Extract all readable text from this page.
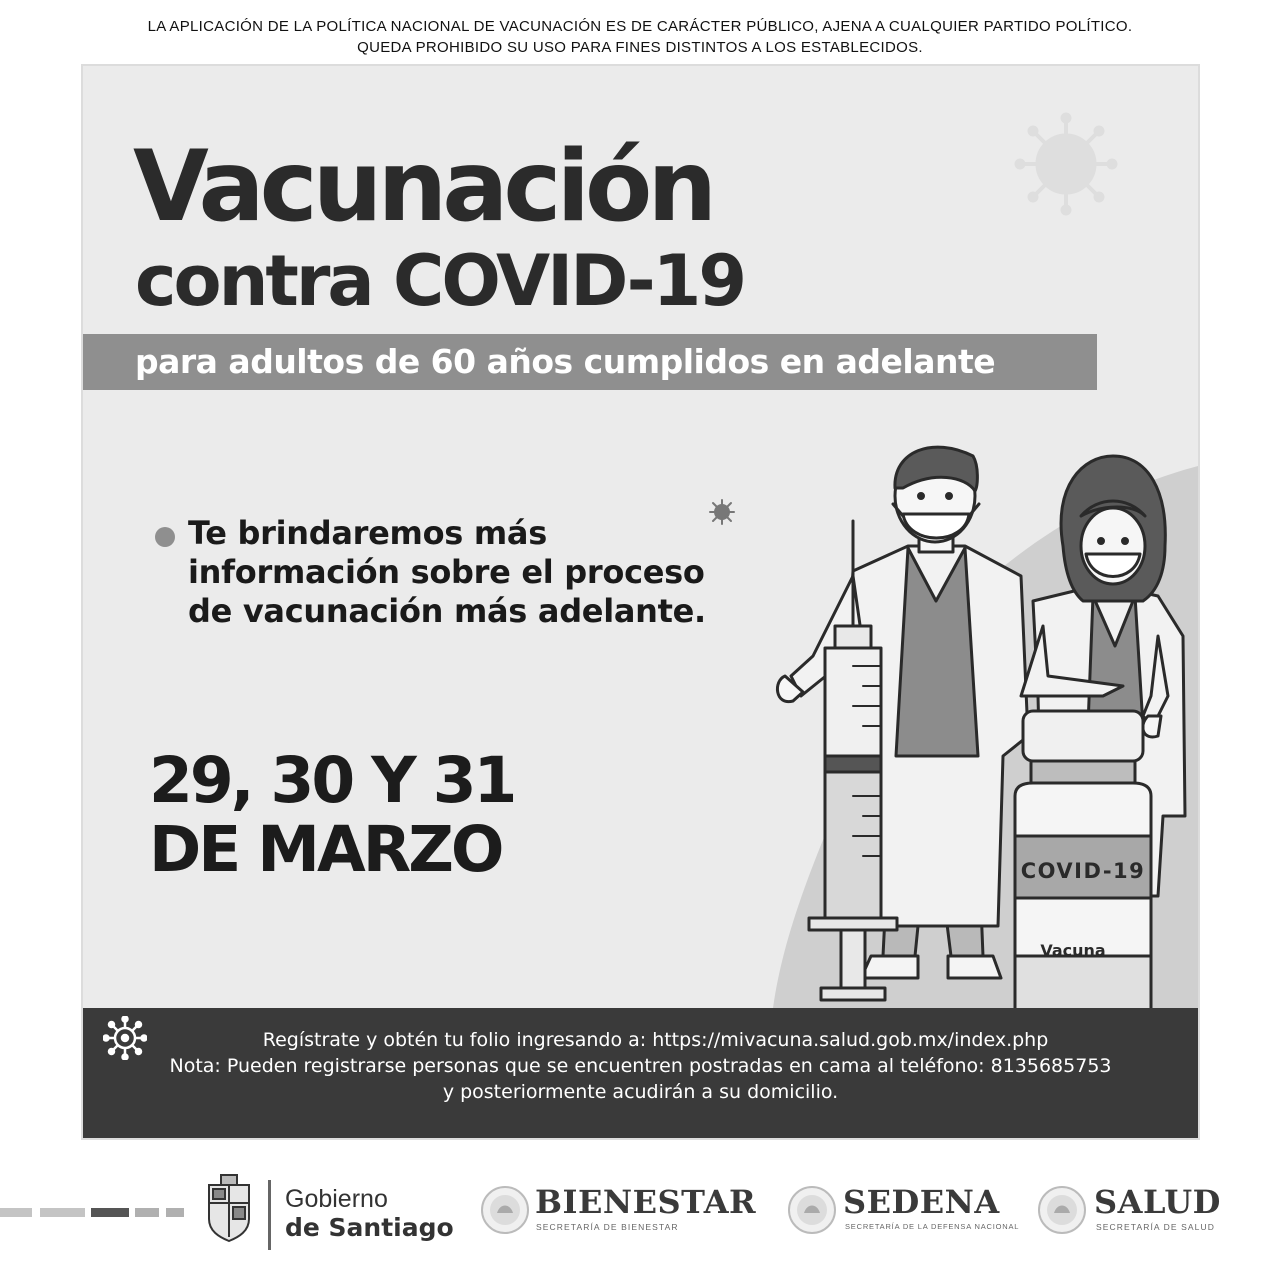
LA APLICACIÓN DE LA POLÍTICA NACIONAL DE VACUNACIÓN ES DE CARÁCTER PÚBLICO, AJENA A CUALQUIER PARTIDO POLÍTICO.
QUEDA PROHIBIDO SU USO PARA FINES DISTINTOS A LOS ESTABLECIDOS.
Vacunación
contra COVID-19
para adultos de 60 años cumplidos en adelante
Te brindaremos más información sobre el proceso de vacunación más adelante.
29, 30 Y 31
DE MARZO	COVID-19
Vacuna
Regístrate y obtén tu folio ingresando a: https://mivacuna.salud.gob.mx/index.php
Nota: Pueden registrarse personas que se encuentren postradas en cama al teléfono: 8135685753
y posteriormente acudirán a su domicilio.
Gobierno
de Santiago
BIENESTAR
SECRETARÍA DE BIENESTAR
SEDENA
SECRETARÍA DE LA DEFENSA NACIONAL
SALUD
SECRETARÍA DE SALUD
